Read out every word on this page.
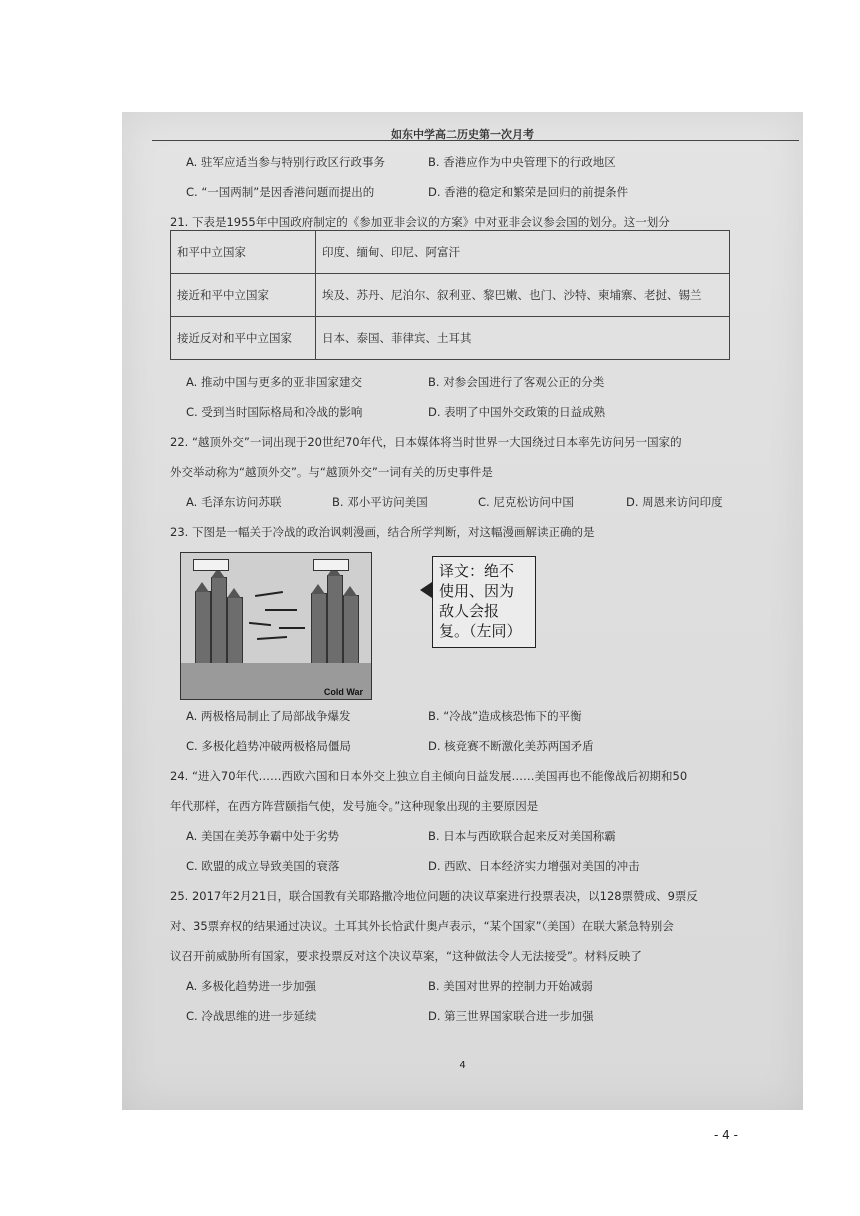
如东中学高二历史第一次月考
A. 驻军应适当参与特别行政区行政事务	B. 香港应作为中央管理下的行政地区
C. “一国两制”是因香港问题而提出的	D. 香港的稳定和繁荣是回归的前提条件
21. 下表是1955年中国政府制定的《参加亚非会议的方案》中对亚非会议参会国的划分。这一划分
和平中立国家	印度、缅甸、印尼、阿富汗
接近和平中立国家	埃及、苏丹、尼泊尔、叙利亚、黎巴嫩、也门、沙特、柬埔寨、老挝、锡兰
接近反对和平中立国家	日本、泰国、菲律宾、土耳其
A. 推动中国与更多的亚非国家建交	B. 对参会国进行了客观公正的分类
C. 受到当时国际格局和冷战的影响	D. 表明了中国外交政策的日益成熟
22. “越顶外交”一词出现于20世纪70年代，日本媒体将当时世界一大国绕过日本率先访问另一国家的
外交举动称为“越顶外交”。与“越顶外交”一词有关的历史事件是
A. 毛泽东访问苏联	B. 邓小平访问美国	C. 尼克松访问中国	D. 周恩来访问印度
23. 下图是一幅关于冷战的政治讽刺漫画，结合所学判断，对这幅漫画解读正确的是
Cold War
译文：绝不
使用、因为
敌人会报
复。（左同）
A. 两极格局制止了局部战争爆发	B. “冷战”造成核恐怖下的平衡
C. 多极化趋势冲破两极格局僵局	D. 核竞赛不断激化美苏两国矛盾
24. “进入70年代……西欧六国和日本外交上独立自主倾向日益发展……美国再也不能像战后初期和50
年代那样，在西方阵营颐指气使，发号施令。”这种现象出现的主要原因是
A. 美国在美苏争霸中处于劣势	B. 日本与西欧联合起来反对美国称霸
C. 欧盟的成立导致美国的衰落	D. 西欧、日本经济实力增强对美国的冲击
25. 2017年2月21日，联合国教有关耶路撒冷地位问题的决议草案进行投票表决，以128票赞成、9票反
对、35票弃权的结果通过决议。土耳其外长恰武什奥卢表示，“某个国家”（美国）在联大紧急特别会
议召开前威胁所有国家，要求投票反对这个决议草案，“这种做法令人无法接受”。材料反映了
A. 多极化趋势进一步加强	B. 美国对世界的控制力开始减弱
C. 冷战思维的进一步延续	D. 第三世界国家联合进一步加强
4
- 4 -
